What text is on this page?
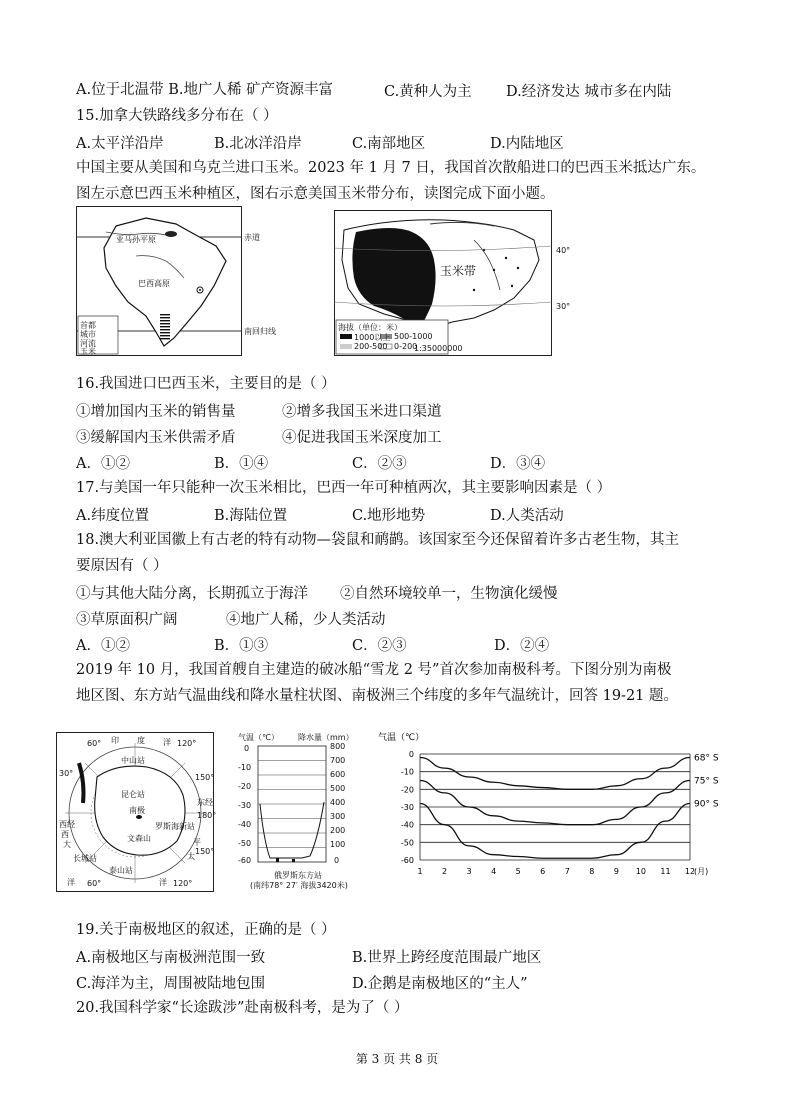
A.位于北温带 B.地广人稀 矿产资源丰富	C.黄种人为主 D.经济发达 城市多在内陆
15.加拿大铁路线多分布在（ ）
A.太平洋沿岸	B.北冰洋沿岸	C.南部地区	D.内陆地区
中国主要从美国和乌克兰进口玉米。2023 年 1 月 7 日，我国首次散船进口的巴西玉米抵达广东。
图左示意巴西玉米种植区，图右示意美国玉米带分布，读图完成下面小题。
亚马孙平原
巴西高原
首都
城市
河流
玉米
赤道
南回归线
玉米带
海拔（单位：米）
1000以上 500-1000
200-500 0-200
1:35000000
40°
30°
16.我国进口巴西玉米，主要目的是（ ）
①增加国内玉米的销售量	②增多我国玉米进口渠道
③缓解国内玉米供需矛盾	④促进我国玉米深度加工
A．①②	B．①④	C．②③	D．③④
17.与美国一年只能种一次玉米相比，巴西一年可种植两次，其主要影响因素是（ ）
A.纬度位置	B.海陆位置	C.地形地势	D.人类活动
18.澳大利亚国徽上有古老的特有动物—袋鼠和鸸鹋。该国家至今还保留着许多古老生物，其主
要原因有（ ）
①与其他大陆分离，长期孤立于海洋 ②自然环境较单一，生物演化缓慢
③草原面积广阔	④地广人稀，少人类活动
A．①②	B．①③	C．②③	D．②④
2019 年 10 月，我国首艘自主建造的破冰船“雪龙 2 号”首次参加南极科考。下图分别为南极
地区图、东方站气温曲线和降水量柱状图、南极洲三个纬度的多年气温统计，回答 19-21 题。
印 度 洋
中山站
昆仑站
南极
罗斯海新站
文森山
长城站
泰山站
西经
东经
大
太
西
洋
平
洋
60°	120°
30°	150°
180°
150°
60°	120°
气温（℃） 降水量（mm）
0
-10
-20
-30
-40
-50
-60
800
700
600
500
400
300
200
100
0
俄罗斯东方站
(南纬78° 27′ 海拔3420米)
气温（℃）
0
-10
-20
-30
-40
-50
-60
1 2 3 4 5 6 7 8 9 10 11 12
(月)
68° S
75° S
90° S
19.关于南极地区的叙述，正确的是（ ）
A.南极地区与南极洲范围一致	B.世界上跨经度范围最广地区
C.海洋为主，周围被陆地包围	D.企鹅是南极地区的“主人”
20.我国科学家“长途跋涉”赴南极科考，是为了（ ）
第 3 页 共 8 页
